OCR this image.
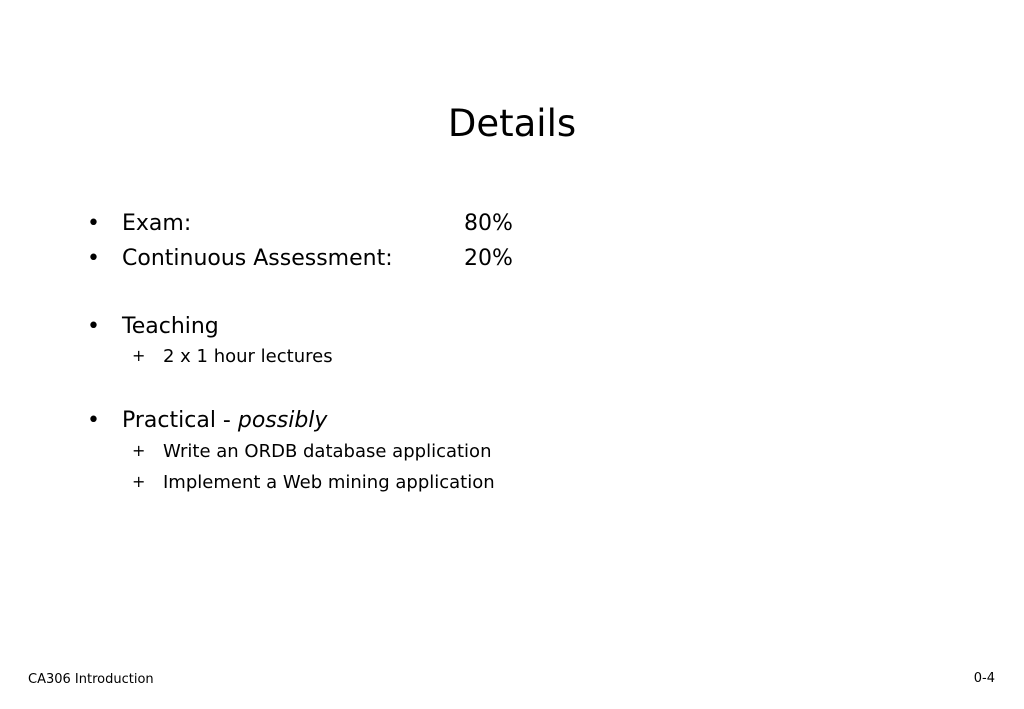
Details
•	Exam:	80%
•	Continuous Assessment:	20%
•	Teaching
+ 2 x 1 hour lectures
•	Practical - possibly
+ Write an ORDB database application
+ Implement a Web mining application
CA306 Introduction	0-4
